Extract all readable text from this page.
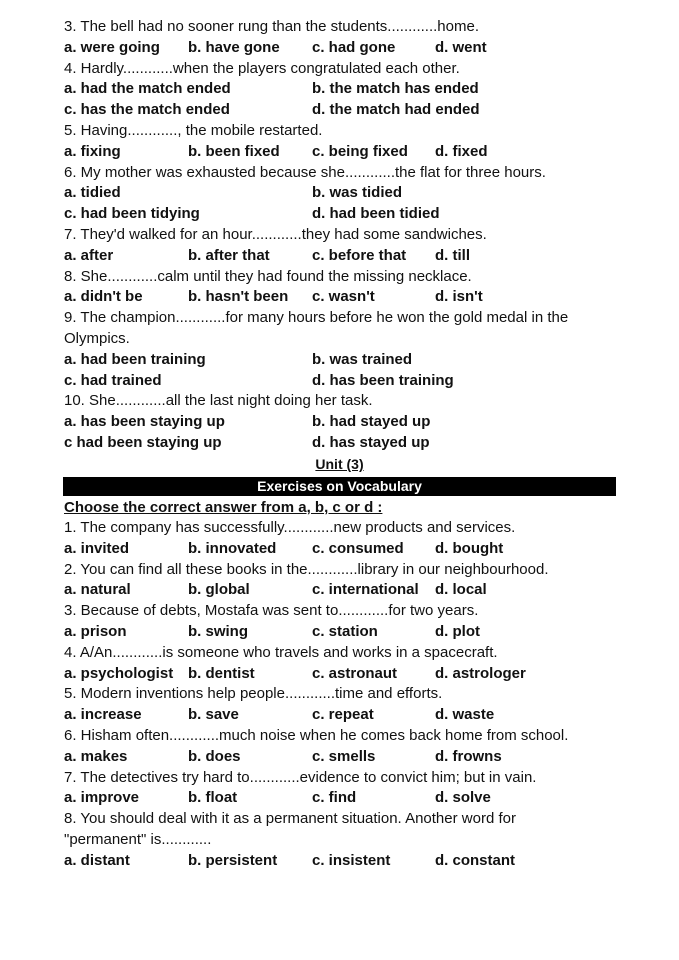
3. The bell had no sooner rung than the students............home.
a. were going b. have gone c. had gone	d. went
4. Hardly............when the players congratulated each other.
a. had the match ended	b. the match has ended
c. has the match ended	d. the match had ended
5. Having............, the mobile restarted.
a. fixing	b. been fixed c. being fixed d. fixed
6. My mother was exhausted because she............the flat for three hours.
a. tidied	b. was tidied
c. had been tidying	d. had been tidied
7. They'd walked for an hour............they had some sandwiches.
a. after	b. after that	c. before that d. till
8. She............calm until they had found the missing necklace.
a. didn't be	b. hasn't been c. wasn't	d. isn't
9. The champion............for many hours before he won the gold medal in the
Olympics.
a. had been training	b. was trained
c. had trained	d. has been training
10. She............all the last night doing her task.
a. has been staying up	b. had stayed up
c had been staying up	d. has stayed up
Unit (3)
Exercises on Vocabulary
Choose the correct answer from a, b, c or d :
1. The company has successfully............new products and services.
a. invited	b. innovated c. consumed d. bought
2. You can find all these books in the............library in our neighbourhood.
a. natural	b. global	c. international d. local
3. Because of debts, Mostafa was sent to............for two years.
a. prison	b. swing	c. station	d. plot
4. A/An............is someone who travels and works in a spacecraft.
a. psychologist b. dentist	c. astronaut	d. astrologer
5. Modern inventions help people............time and efforts.
a. increase	b. save	c. repeat	d. waste
6. Hisham often............much noise when he comes back home from school.
a. makes	b. does	c. smells	d. frowns
7. The detectives try hard to............evidence to convict him; but in vain.
a. improve	b. float	c. find	d. solve
8. You should deal with it as a permanent situation. Another word for
"permanent" is............
a. distant	b. persistent c. insistent	d. constant
